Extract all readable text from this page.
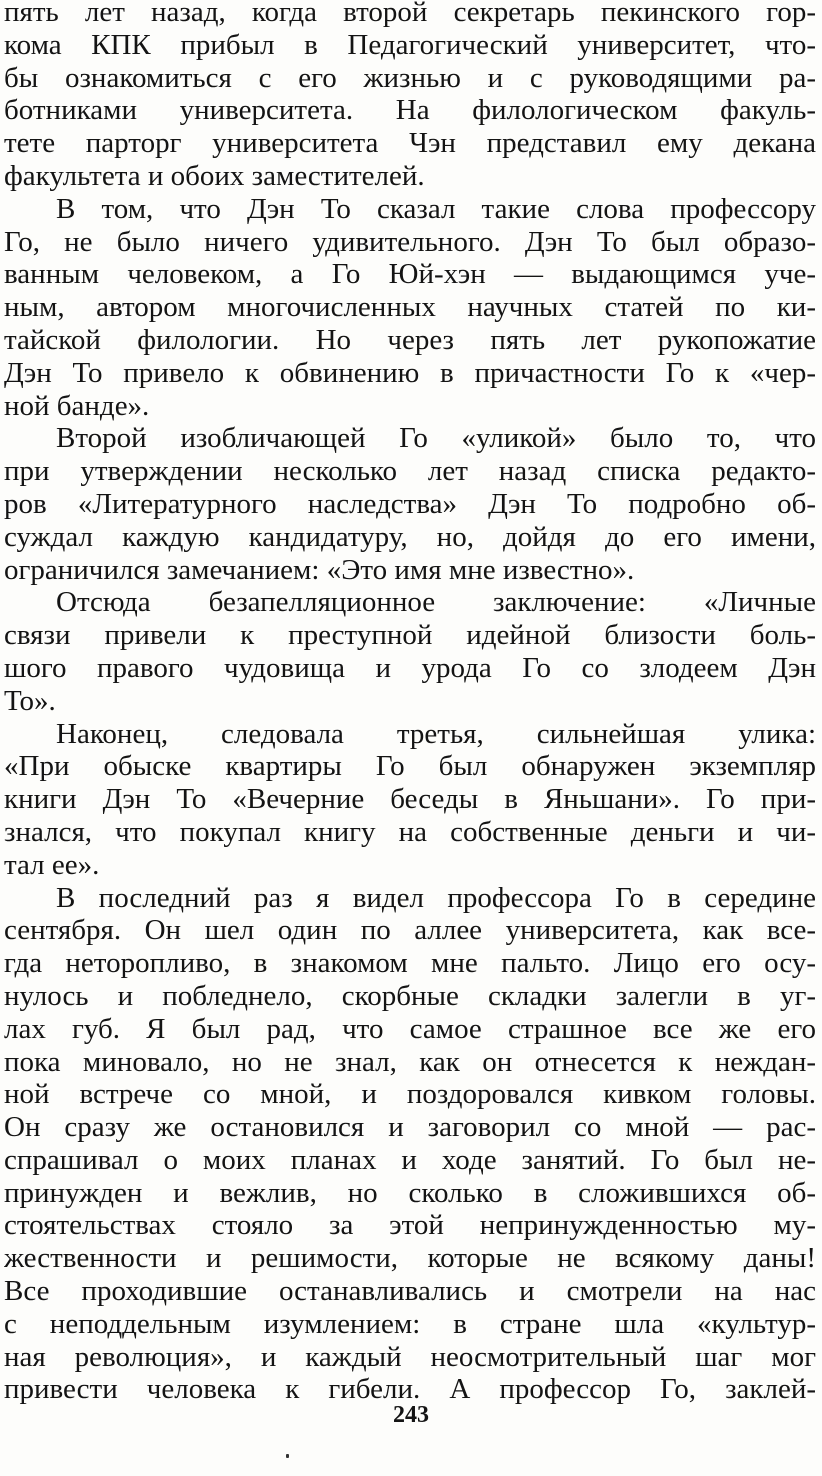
пять лет назад, когда второй секретарь пекинского гор-
кома КПК прибыл в Педагогический университет, что-
бы ознакомиться с его жизнью и с руководящими ра-
ботниками университета. На филологическом факуль-
тете парторг университета Чэн представил ему декана
факультета и обоих заместителей.
В том, что Дэн То сказал такие слова профессору
Го, не было ничего удивительного. Дэн То был образо-
ванным человеком, а Го Юй-хэн — выдающимся уче-
ным, автором многочисленных научных статей по ки-
тайской филологии. Но через пять лет рукопожатие
Дэн То привело к обвинению в причастности Го к «чер-
ной банде».
Второй изобличающей Го «уликой» было то, что
при утверждении несколько лет назад списка редакто-
ров «Литературного наследства» Дэн То подробно об-
суждал каждую кандидатуру, но, дойдя до его имени,
ограничился замечанием: «Это имя мне известно».
Отсюда безапелляционное заключение: «Личные
связи привели к преступной идейной близости боль-
шого правого чудовища и урода Го со злодеем Дэн
То».
Наконец, следовала третья, сильнейшая улика:
«При обыске квартиры Го был обнаружен экземпляр
книги Дэн То «Вечерние беседы в Яньшани». Го при-
знался, что покупал книгу на собственные деньги и чи-
тал ее».
В последний раз я видел профессора Го в середине
сентября. Он шел один по аллее университета, как все-
гда неторопливо, в знакомом мне пальто. Лицо его осу-
нулось и побледнело, скорбные складки залегли в уг-
лах губ. Я был рад, что самое страшное все же его
пока миновало, но не знал, как он отнесется к неждан-
ной встрече со мной, и поздоровался кивком головы.
Он сразу же остановился и заговорил со мной — рас-
спрашивал о моих планах и ходе занятий. Го был не-
принужден и вежлив, но сколько в сложившихся об-
стоятельствах стояло за этой непринужденностью му-
жественности и решимости, которые не всякому даны!
Все проходившие останавливались и смотрели на нас
с неподдельным изумлением: в стране шла «культур-
ная революция», и каждый неосмотрительный шаг мог
привести человека к гибели. А профессор Го, заклей-
243
